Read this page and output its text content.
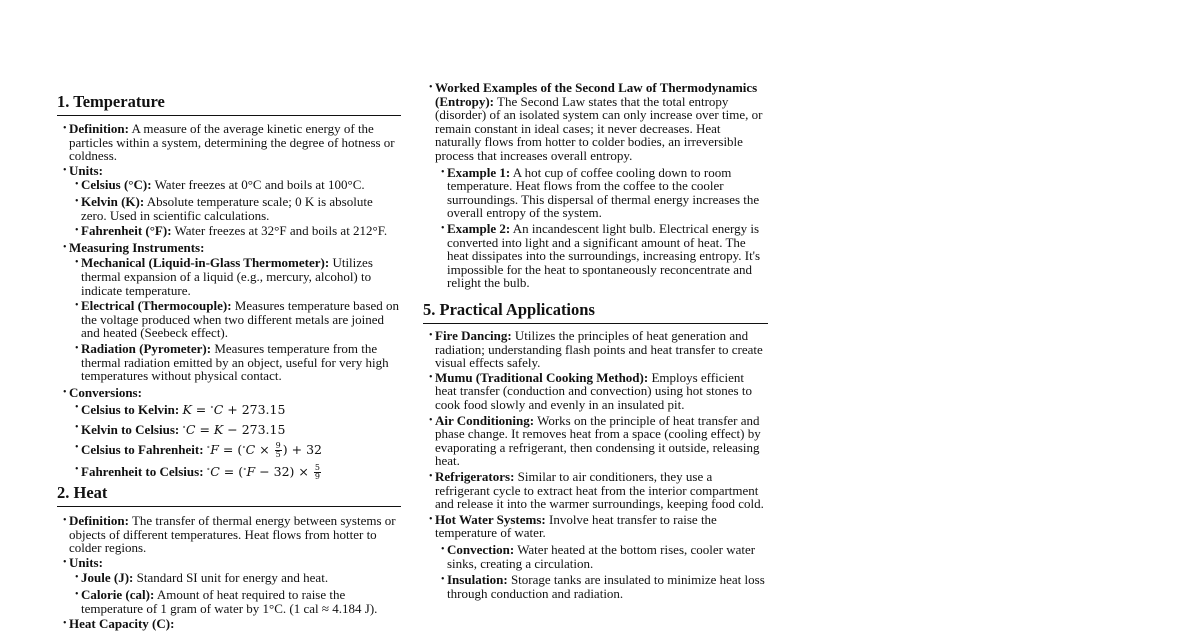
1. Temperature
• Definition: A measure of the average kinetic energy of the particles within a system, determining the degree of hotness or coldness.
• Units:
• Celsius (°C): Water freezes at 0°C and boils at 100°C.
• Kelvin (K): Absolute temperature scale; 0 K is absolute zero. Used in scientific calculations.
• Fahrenheit (°F): Water freezes at 32°F and boils at 212°F.
• Measuring Instruments:
• Mechanical (Liquid-in-Glass Thermometer): Utilizes thermal expansion of a liquid (e.g., mercury, alcohol) to indicate temperature.
• Electrical (Thermocouple): Measures temperature based on the voltage produced when two different metals are joined and heated (Seebeck effect).
• Radiation (Pyrometer): Measures temperature from the thermal radiation emitted by an object, useful for very high temperatures without physical contact.
• Conversions:
• Celsius to Kelvin: K = ∘C + 273.15
• Kelvin to Celsius: ∘C = K − 273.15
• Celsius to Fahrenheit: $^\circ F = (^\circ C \times \frac{9}{5}$ ) + 32
• Fahrenheit to Celsius: $^\circ C = (^\circ F - 32) \times \frac{5}{9}$
2. Heat
• Definition: The transfer of thermal energy between systems or objects of different temperatures. Heat flows from hotter to colder regions.
• Units:
• Joule (J): Standard SI unit for energy and heat.
• Calorie (cal): Amount of heat required to raise the temperature of 1 gram of water by 1°C. (1 cal ≈ 4.184 J).
• Heat Capacity (C):
• Worked Examples of the Second Law of Thermodynamics (Entropy): The Second Law states that the total entropy (disorder) of an isolated system can only increase over time, or remain constant in ideal cases; it never decreases. Heat naturally flows from hotter to colder bodies, an irreversible process that increases overall entropy.
• Example 1: A hot cup of coffee cooling down to room temperature. Heat flows from the coffee to the cooler surroundings. This dispersal of thermal energy increases the overall entropy of the system.
• Example 2: An incandescent light bulb. Electrical energy is converted into light and a significant amount of heat. The heat dissipates into the surroundings, increasing entropy. It's impossible for the heat to spontaneously reconcentrate and relight the bulb.
5. Practical Applications
• Fire Dancing: Utilizes the principles of heat generation and radiation; understanding flash points and heat transfer to create visual effects safely.
• Mumu (Traditional Cooking Method): Employs efficient heat transfer (conduction and convection) using hot stones to cook food slowly and evenly in an insulated pit.
• Air Conditioning: Works on the principle of heat transfer and phase change. It removes heat from a space (cooling effect) by evaporating a refrigerant, then condensing it outside, releasing heat.
• Refrigerators: Similar to air conditioners, they use a refrigerant cycle to extract heat from the interior compartment and release it into the warmer surroundings, keeping food cold.
• Hot Water Systems: Involve heat transfer to raise the temperature of water.
• Convection: Water heated at the bottom rises, cooler water sinks, creating a circulation.
• Insulation: Storage tanks are insulated to minimize heat loss through conduction and radiation.
